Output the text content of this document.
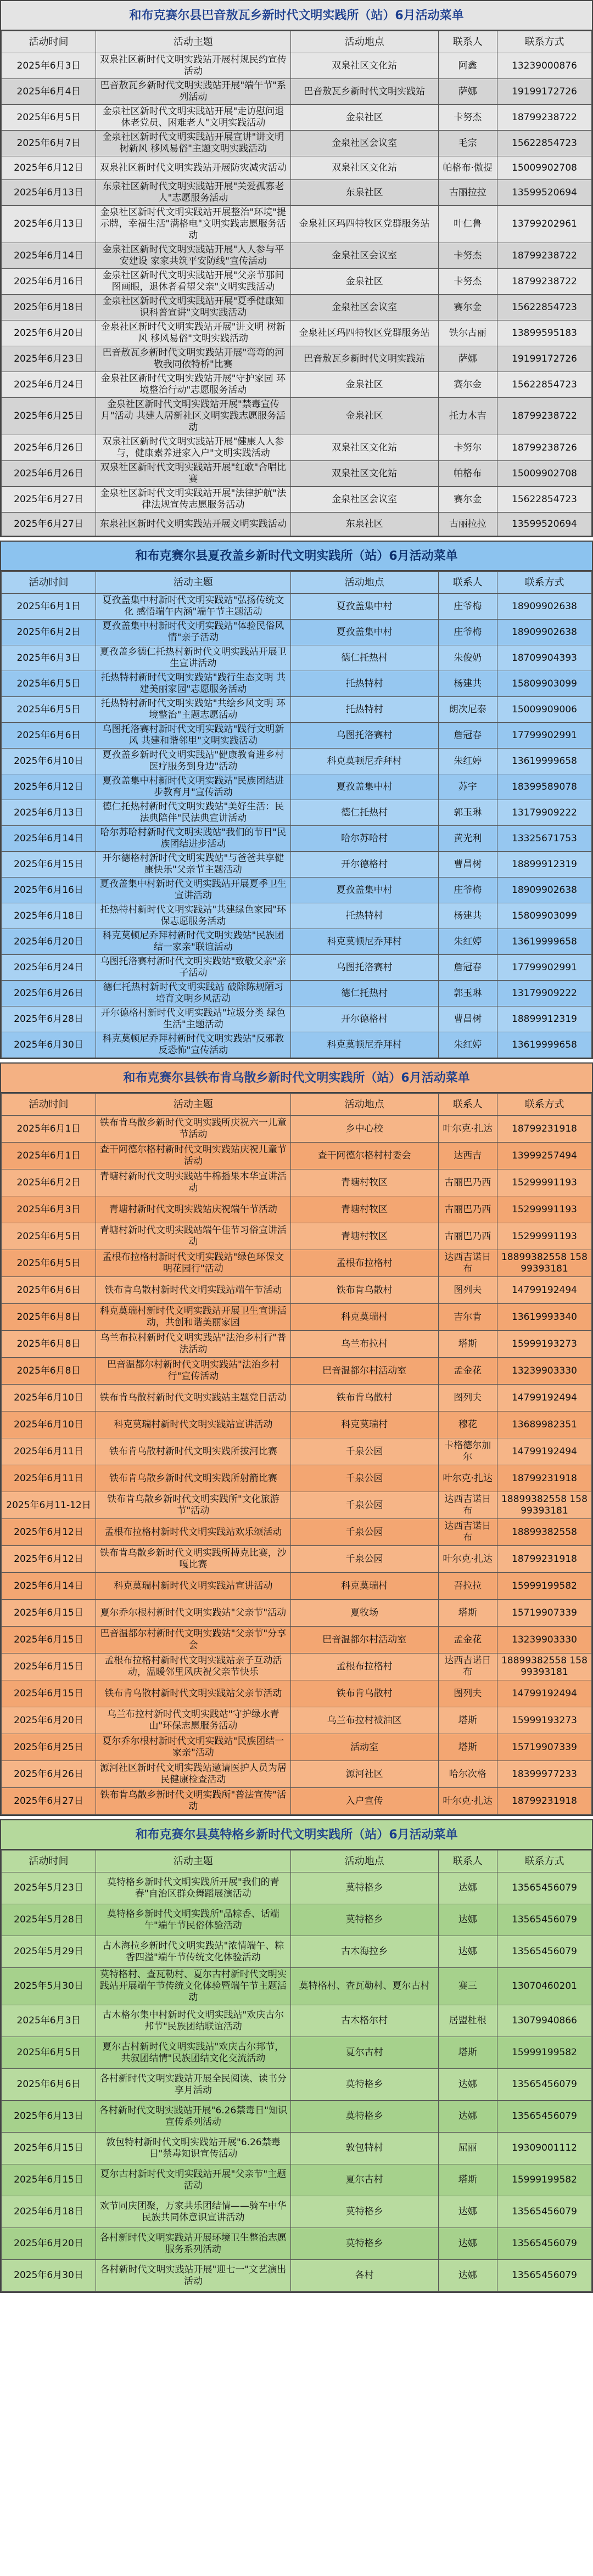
和布克赛尔县巴音敖瓦乡新时代文明实践所（站）6月活动菜单
活动时间	活动主题	活动地点	联系人	联系方式
2025年6月3日	双泉社区新时代文明实践站开展村规民约宣传活动	双泉社区文化站	阿鑫	13239000876
2025年6月4日	巴音敖瓦乡新时代文明实践站开展"端午节"系列活动	巴音敖瓦乡新时代文明实践站	萨娜	19199172726
2025年6月5日	金泉社区新时代文明实践站开展"走访慰问退休老党员、困难老人"文明实践活动	金泉社区	卡努杰	18799238722
2025年6月7日	金泉社区新时代文明实践站开展宣讲"讲文明 树新风 移风易俗"主题文明实践活动	金泉社区会议室	毛宗	15622854723
2025年6月12日	双泉社区新时代文明实践站开展防灾减灾活动	双泉社区文化站	帕格布·傲提	15009902708
2025年6月13日	东泉社区新时代文明实践站开展"关爱孤寡老人"志愿服务活动	东泉社区	古丽拉拉	13599520694
2025年6月13日	金泉社区新时代文明实践站开展整治"环境"提示牌，幸福生活"满格电"文明实践志愿服务活动	金泉社区玛四特牧区党群服务站	叶仁鲁	13799202961
2025年6月14日	金泉社区新时代文明实践站开展"人人参与平安建设 家家共筑平安防线"宣传活动	金泉社区会议室	卡努杰	18799238722
2025年6月16日	金泉社区新时代文明实践站开展"父亲节那间图画眼，退休者看望父亲"文明实践活动	金泉社区	卡努杰	18799238722
2025年6月18日	金泉社区新时代文明实践站开展"夏季健康知识科普宣讲"文明实践活动	金泉社区会议室	赛尔金	15622854723
2025年6月20日	金泉社区新时代文明实践站开展"讲文明 树新风 移风易俗"文明实践活动	金泉社区玛四特牧区党群服务站	铁尔古丽	13899595183
2025年6月23日	巴音敖瓦乡新时代文明实践站开展"弯弯的河 敬我同依特桥"比赛	巴音敖瓦乡新时代文明实践站	萨娜	19199172726
2025年6月24日	金泉社区新时代文明实践站开展"守护家园 环境整治行动"志愿服务活动	金泉社区	赛尔金	15622854723
2025年6月25日	金泉社区新时代文明实践站开展"禁毒宣传月"活动 共建人居新社区文明实践志愿服务活动	金泉社区	托力木吉	18799238722
2025年6月26日	双泉社区新时代文明实践站开展"健康人人参与，健康素养进家入户"文明实践活动	双泉社区文化站	卡努尔	18799238726
2025年6月26日	双泉社区新时代文明实践站开展"红歌"合唱比赛	双泉社区文化站	帕格布	15009902708
2025年6月27日	金泉社区新时代文明实践站开展"法律护航"法律法规宣传志愿服务活动	金泉社区会议室	赛尔金	15622854723
2025年6月27日	东泉社区新时代文明实践站开展文明实践活动	东泉社区	古丽拉拉	13599520694
和布克赛尔县夏孜盖乡新时代文明实践所（站）6月活动菜单
活动时间	活动主题	活动地点	联系人	联系方式
2025年6月1日	夏孜盖集中村新时代文明实践站"弘扬传统文化 感悟端午内涵"端午节主题活动	夏孜盖集中村	庄爷梅	18909902638
2025年6月2日	夏孜盖集中村新时代文明实践站"体验民俗风情"亲子活动	夏孜盖集中村	庄爷梅	18909902638
2025年6月3日	夏孜盖乡德仁托热村新时代文明实践站开展卫生宣讲活动	德仁托热村	朱俊奶	18709904393
2025年6月5日	托热特村新时代文明实践站"践行生态文明 共建美丽家园"志愿服务活动	托热特村	杨建共	15809903099
2025年6月5日	托热特村新时代文明实践站"共绘乡风文明 环境整治"主题志愿活动	托热特村	朗次尼泰	15009909006
2025年6月6日	乌图托洛赛村新时代文明实践站"践行文明新风 共建和谐邻里"文明实践活动	乌图托洛赛村	詹冠春	17799902991
2025年6月10日	夏孜盖乡新时代文明实践站"健康教育进乡村 医疗服务到身边"活动	科克莫顿尼乔拜村	朱红婷	13619999658
2025年6月12日	夏孜盖集中村新时代文明实践站"民族团结进步教育月"宣传活动	夏孜盖集中村	苏宇	18399589078
2025年6月13日	德仁托热村新时代文明实践站"美好生活：民法典陪伴"民法典宣讲活动	德仁托热村	郭玉琳	13179909222
2025年6月14日	哈尔苏哈村新时代文明实践站"我们的节日"民族团结进步活动	哈尔苏哈村	黄光利	13325671753
2025年6月15日	开尔德格村新时代文明实践站"与爸爸共享健康快乐"父亲节主题活动	开尔德格村	曹昌树	18899912319
2025年6月16日	夏孜盖集中村新时代文明实践站开展夏季卫生宣讲活动	夏孜盖集中村	庄爷梅	18909902638
2025年6月18日	托热特村新时代文明实践站"共建绿色家园"环保志愿服务活动	托热特村	杨建共	15809903099
2025年6月20日	科克莫顿尼乔拜村新时代文明实践站"民族团结一家亲"联谊活动	科克莫顿尼乔拜村	朱红婷	13619999658
2025年6月24日	乌图托洛赛村新时代文明实践站"致敬父亲"亲子活动	乌图托洛赛村	詹冠春	17799902991
2025年6月26日	德仁托热村新时代文明实践站 破除陈规陋习 培育文明乡风活动	德仁托热村	郭玉琳	13179909222
2025年6月28日	开尔德格村新时代文明实践站"垃圾分类 绿色生活"主题活动	开尔德格村	曹昌树	18899912319
2025年6月30日	科克莫顿尼乔拜村新时代文明实践站"反邪教反恐怖"宣传活动	科克莫顿尼乔拜村	朱红婷	13619999658
和布克赛尔县铁布肯乌散乡新时代文明实践所（站）6月活动菜单
活动时间	活动主题	活动地点	联系人	联系方式
2025年6月1日	铁布肯乌散乡新时代文明实践所庆祝六一儿童节活动	乡中心校	叶尔克·扎达	18799231918
2025年6月1日	查干阿德尔格村新时代文明实践站庆祝儿童节活动	查干阿德尔格村村委会	达西吉	13999257494
2025年6月2日	青塘村新时代文明实践站牛棉播果本华宣讲活动	青塘村牧区	古丽巴乃西	15299991193
2025年6月3日	青塘村新时代文明实践站庆祝端午节活动	青塘村牧区	古丽巴乃西	15299991193
2025年6月5日	青塘村新时代文明实践站端午佳节习俗宣讲活动	青塘村牧区	古丽巴乃西	15299991193
2025年6月5日	孟根布拉格村新时代文明实践站"绿色环保文明花园行"活动	孟根布拉格村	达西吉诺日布	18899382558 15899393181
2025年6月6日	铁布肯乌散村新时代文明实践站端午节活动	铁布肯乌散村	图列夫	14799192494
2025年6月8日	科克莫瑞村新时代文明实践站开展卫生宣讲活动，共创和谐美丽家园	科克莫瑞村	吉尔肯	13619993340
2025年6月8日	乌兰布拉村新时代文明实践站"法治乡村行"普法活动	乌兰布拉村	塔斯	15999193273
2025年6月8日	巴音温都尔村新时代文明实践站"法治乡村行"宣传活动	巴音温都尔村活动室	孟金花	13239903330
2025年6月10日	铁布肯乌散村新时代文明实践站主题党日活动	铁布肯乌散村	图列夫	14799192494
2025年6月10日	科克莫瑞村新时代文明实践站宣讲活动	科克莫瑞村	穆花	13689982351
2025年6月11日	铁布肯乌散村新时代文明实践所拔河比赛	千泉公园	卡格德尔加尔	14799192494
2025年6月11日	铁布肯乌散乡新时代文明实践所射箭比赛	千泉公园	叶尔克·扎达	18799231918
2025年6月11-12日	铁布肯乌散乡新时代文明实践所"文化旅游节"活动	千泉公园	达西吉诺日布	18899382558 15899393181
2025年6月12日	孟根布拉格村新时代文明实践站欢乐颂活动	千泉公园	达西吉诺日布	18899382558
2025年6月12日	铁布肯乌散乡新时代文明实践所搏克比赛，沙嘎比赛	千泉公园	叶尔克·扎达	18799231918
2025年6月14日	科克莫瑞村新时代文明实践站宣讲活动	科克莫瑞村	吾拉拉	15999199582
2025年6月15日	夏尔乔尔根村新时代文明实践站"父亲节"活动	夏牧场	塔斯	15719907339
2025年6月15日	巴音温都尔村新时代文明实践站"父亲节"分享会	巴音温都尔村活动室	孟金花	13239903330
2025年6月15日	孟根布拉格村新时代文明实践站亲子互动活动，温暖邻里风庆祝父亲节快乐	孟根布拉格村	达西吉诺日布	18899382558 15899393181
2025年6月15日	铁布肯乌散村新时代文明实践站父亲节活动	铁布肯乌散村	图列夫	14799192494
2025年6月20日	乌兰布拉村新时代文明实践站"守护绿水青山"环保志愿服务活动	乌兰布拉村被油区	塔斯	15999193273
2025年6月25日	夏尔乔尔根村新时代文明实践站"民族团结一家亲"活动	活动室	塔斯	15719907339
2025年6月26日	源河社区新时代文明实践站邀请医护人员为居民健康检查活动	源河社区	哈尔次格	18399977233
2025年6月27日	铁布肯乌散乡新时代文明实践所"普法宣传"活动	入户宣传	叶尔克·扎达	18799231918
和布克赛尔县莫特格乡新时代文明实践所（站）6月活动菜单
活动时间	活动主题	活动地点	联系人	联系方式
2025年5月23日	莫特格乡新时代文明实践所开展"我们的青春"自治区群众舞蹈展演活动	莫特格乡	达娜	13565456079
2025年5月28日	莫特格乡新时代文明实践所"品粽香、话端午"端午节民俗体验活动	莫特格乡	达娜	13565456079
2025年5月29日	古木海拉乡新时代文明实践站"浓情端午、粽香四溢"端午节传统文化体验活动	古木海拉乡	达娜	13565456079
2025年5月30日	莫特格村、查瓦勒村、夏尔古村新时代文明实践站开展端午节传统文化体验暨端午节主题活动	莫特格村、查瓦勒村、夏尔古村	赛三	13070460201
2025年6月3日	古木格尔集中村新时代文明实践站"欢庆古尔邦节"民族团结联谊活动	古木格尔村	居盟杜根	13079940866
2025年6月5日	夏尔古村新时代文明实践站"欢庆古尔邦节，共叙团结情"民族团结文化交流活动	夏尔古村	塔斯	15999199582
2025年6月6日	各村新时代文明实践站开展全民阅读、读书分享月活动	莫特格乡	达娜	13565456079
2025年6月13日	各村新时代文明实践站开展"6.26禁毒日"知识宣传系列活动	莫特格乡	达娜	13565456079
2025年6月15日	敦包特村新时代文明实践站开展"6.26禁毒日"禁毒知识宣传活动	敦包特村	屈丽	19309001112
2025年6月15日	夏尔古村新时代文明实践站开展"父亲节"主题活动	夏尔古村	塔斯	15999199582
2025年6月18日	欢节同庆团聚，万家共乐团结情——骑车中华民族共同体意识宣讲活动	莫特格乡	达娜	13565456079
2025年6月20日	各村新时代文明实践站开展环境卫生整治志愿服务系列活动	莫特格乡	达娜	13565456079
2025年6月30日	各村新时代文明实践站开展"迎七一"文艺演出活动	各村	达娜	13565456079
